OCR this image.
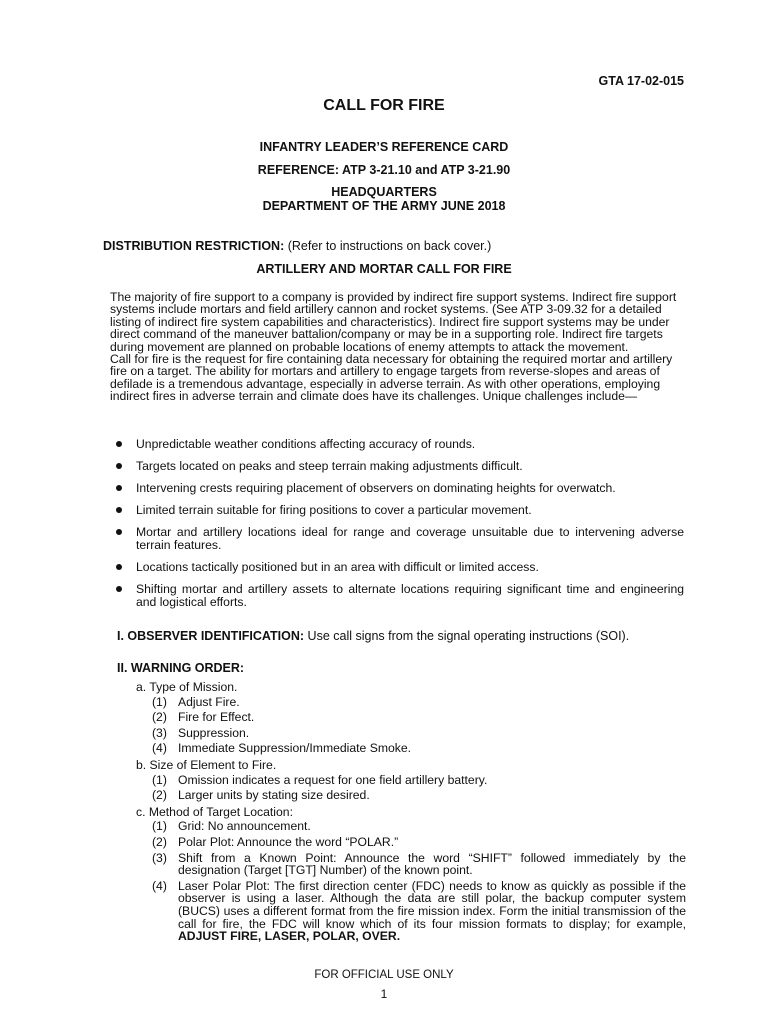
GTA 17-02-015
CALL FOR FIRE
INFANTRY LEADER’S REFERENCE CARD
REFERENCE: ATP 3-21.10 and ATP 3-21.90
HEADQUARTERS
DEPARTMENT OF THE ARMY JUNE 2018
DISTRIBUTION RESTRICTION: (Refer to instructions on back cover.)
ARTILLERY AND MORTAR CALL FOR FIRE

The majority of fire support to a company is provided by indirect fire support systems. Indirect fire support systems include mortars and field artillery cannon and rocket systems. (See ATP 3-09.32 for a detailed listing of indirect fire system capabilities and characteristics). Indirect fire support systems may be under direct command of the maneuver battalion/company or may be in a supporting role. Indirect fire targets during movement are planned on probable locations of enemy attempts to attack the movement.

Call for fire is the request for fire containing data necessary for obtaining the required mortar and artillery fire on a target. The ability for mortars and artillery to engage targets from reverse-slopes and areas of defilade is a tremendous advantage, especially in adverse terrain. As with other operations, employing indirect fires in adverse terrain and climate does have its challenges. Unique challenges include—

Unpredictable weather conditions affecting accuracy of rounds.
Targets located on peaks and steep terrain making adjustments difficult.
Intervening crests requiring placement of observers on dominating heights for overwatch.
Limited terrain suitable for firing positions to cover a particular movement.
Mortar and artillery locations ideal for range and coverage unsuitable due to intervening adverse terrain features.
Locations tactically positioned but in an area with difficult or limited access.
Shifting mortar and artillery assets to alternate locations requiring significant time and engineering and logistical efforts.
I. OBSERVER IDENTIFICATION: Use call signs from the signal operating instructions (SOI).
II. WARNING ORDER:
a. Type of Mission.
(1) Adjust Fire.
(2) Fire for Effect.
(3) Suppression.
(4) Immediate Suppression/Immediate Smoke.
b. Size of Element to Fire.
(1) Omission indicates a request for one field artillery battery.
(2) Larger units by stating size desired.
c. Method of Target Location:
(1) Grid: No announcement.
(2) Polar Plot: Announce the word “POLAR.”
(3) Shift from a Known Point: Announce the word “SHIFT” followed immediately by the designation (Target [TGT] Number) of the known point.
(4) Laser Polar Plot: The first direction center (FDC) needs to know as quickly as possible if the observer is using a laser. Although the data are still polar, the backup computer system (BUCS) uses a different format from the fire mission index. Form the initial transmission of the call for fire, the FDC will know which of its four mission formats to display; for example, ADJUST FIRE, LASER, POLAR, OVER.
FOR OFFICIAL USE ONLY
1
